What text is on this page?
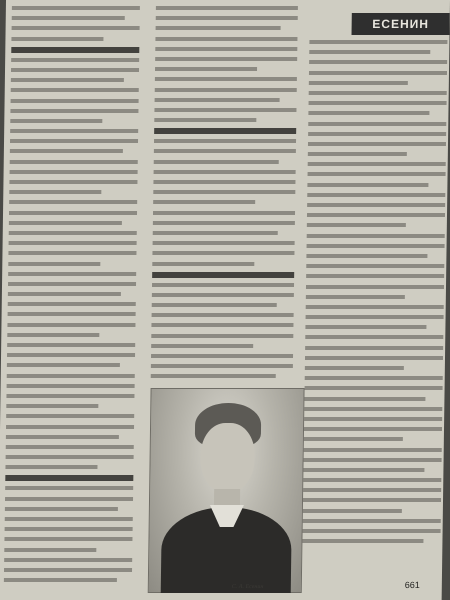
ЕСЕНИН
С. А. Есенин	661
